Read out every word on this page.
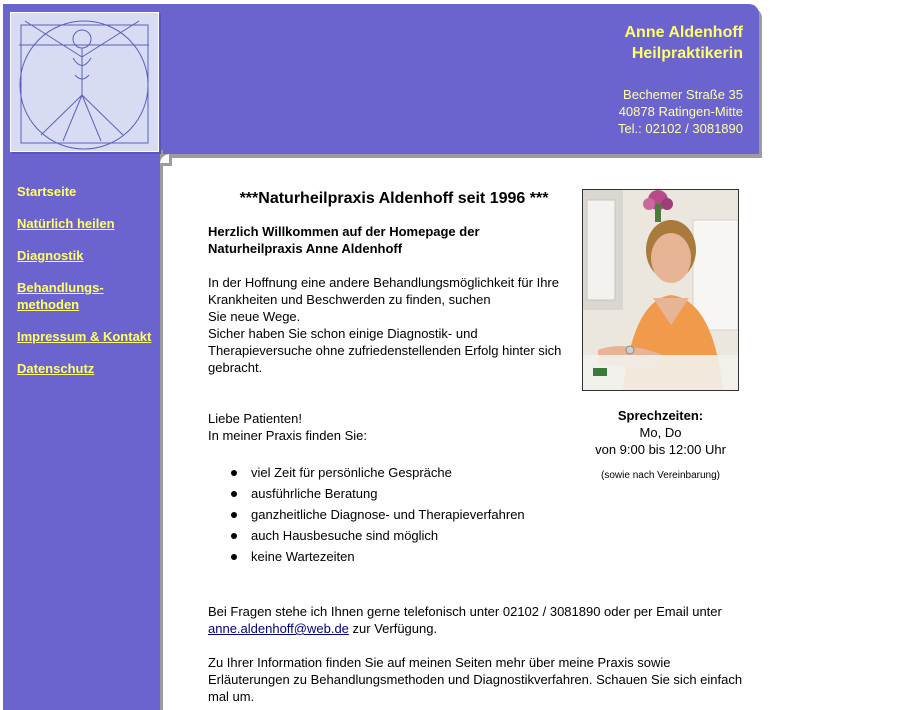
Anne Aldenhoff
Heilpraktikerin
Bechemer Straße 35
40878 Ratingen-Mitte
Tel.: 02102 / 3081890
Startseite
Natürlich heilen
Diagnostik
Behandlungs-
methoden
Impressum & Kontakt
Datenschutz
***Naturheilpraxis Aldenhoff seit 1996 ***
Herzlich Willkommen auf der Homepage der
Naturheilpraxis Anne Aldenhoff
In der Hoffnung eine andere Behandlungsmöglichkeit für Ihre Krankheiten und Beschwerden zu finden, suchen
Sie neue Wege.
Sicher haben Sie schon einige Diagnostik- und Therapieversuche ohne zufriedenstellenden Erfolg hinter sich gebracht.
Liebe Patienten!
In meiner Praxis finden Sie:
viel Zeit für persönliche Gespräche
ausführliche Beratung
ganzheitliche Diagnose- und Therapieverfahren
auch Hausbesuche sind möglich
keine Wartezeiten
Bei Fragen stehe ich Ihnen gerne telefonisch unter 02102 / 3081890 oder per Email unter
anne.aldenhoff@web.de zur Verfügung.
Zu Ihrer Information finden Sie auf meinen Seiten mehr über meine Praxis sowie Erläuterungen zu Behandlungsmethoden und Diagnostikverfahren. Schauen Sie sich einfach mal um.
Sprechzeiten:
Mo, Do
von 9:00 bis 12:00 Uhr
(sowie nach Vereinbarung)
